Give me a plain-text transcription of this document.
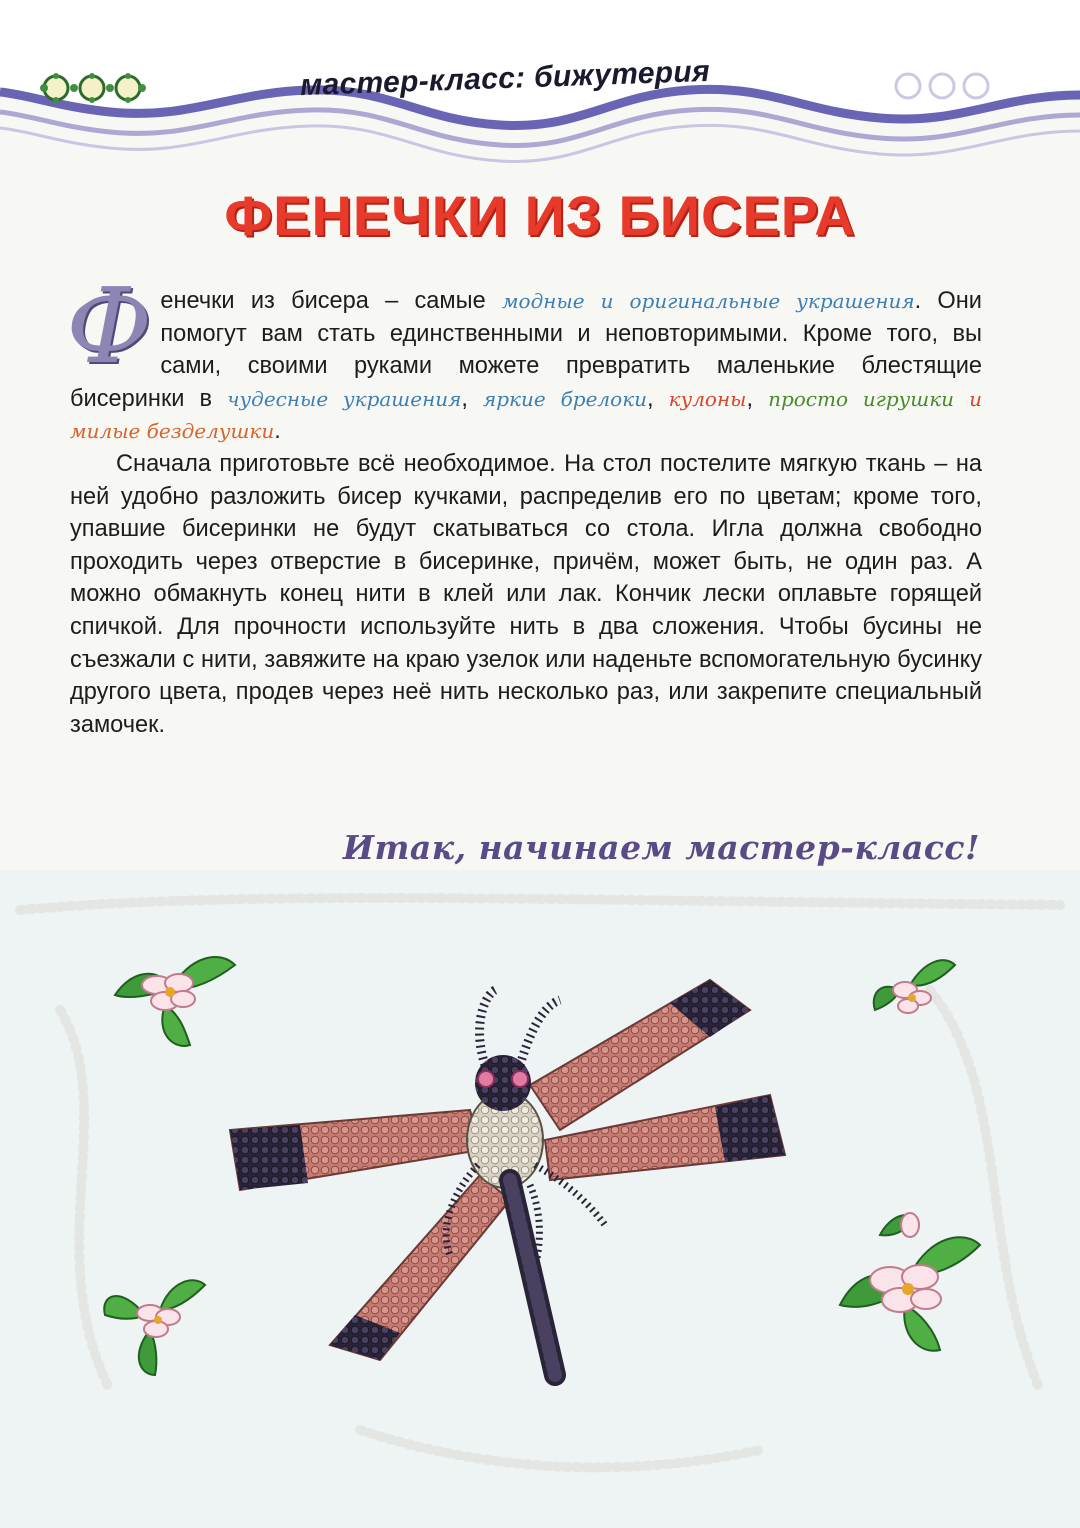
мастер-класс: бижутерия
ФЕНЕЧКИ ИЗ БИСЕРА

Фенечки из бисера – самые модные и оригинальные украшения. Они помогут вам стать единственными и неповторимыми. Кроме того, вы сами, своими руками можете превратить маленькие блестящие бисеринки в чудесные украшения, яркие брелоки, кулоны, просто игрушки и милые безделушки.

Сначала приготовьте всё необходимое. На стол постелите мягкую ткань – на ней удобно разложить бисер кучками, распределив его по цветам; кроме того, упавшие бисеринки не будут скатываться со стола. Игла должна свободно проходить через отверстие в бисеринке, причём, может быть, не один раз. А можно обмакнуть конец нити в клей или лак. Кончик лески оплавьте горящей спичкой. Для прочности используйте нить в два сложения. Чтобы бусины не съезжали с нити, завяжите на краю узелок или наденьте вспомогательную бусинку другого цвета, продев через неё нить несколько раз, или закрепите специальный замочек.

Итак, начинаем мастер-класс!
